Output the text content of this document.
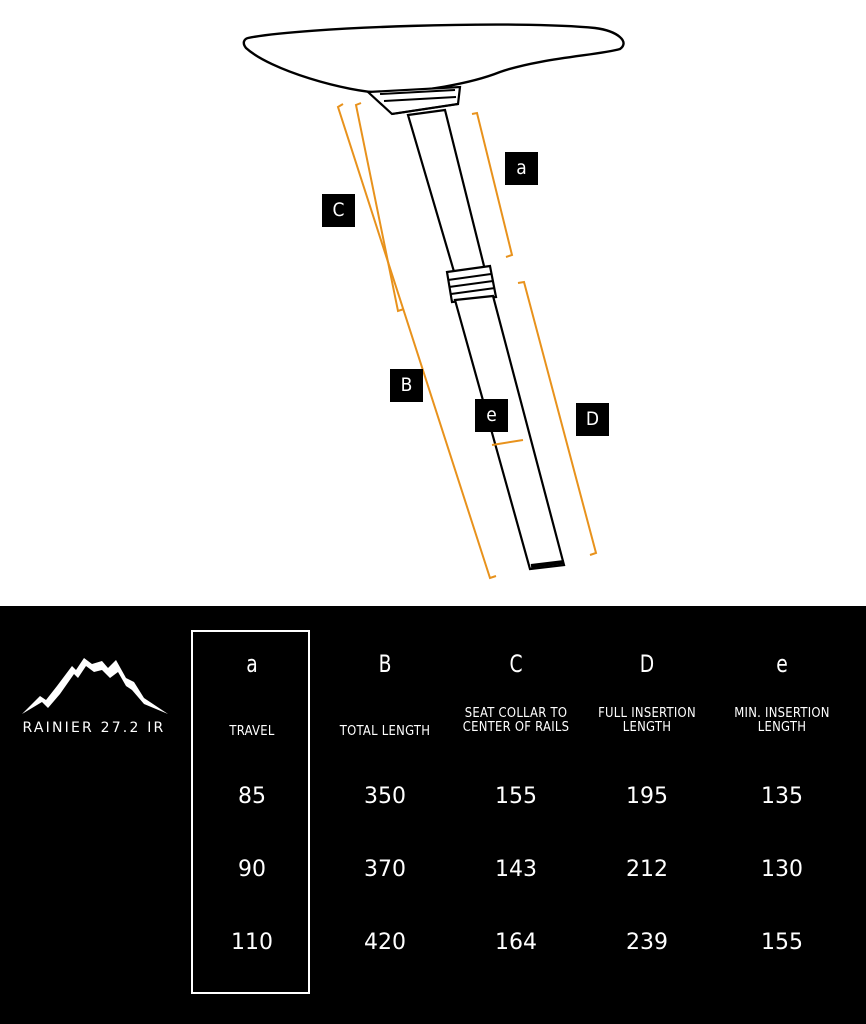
a
C
B
e	D
RAINIER 27.2 IR
a
TRAVEL
85
90
110
B
TOTAL LENGTH
350
370
420
C
SEAT COLLAR TO
CENTER OF RAILS
155
143
164
D
FULL INSERTION
LENGTH
195
212
239
e
MIN. INSERTION
LENGTH
135
130
155
